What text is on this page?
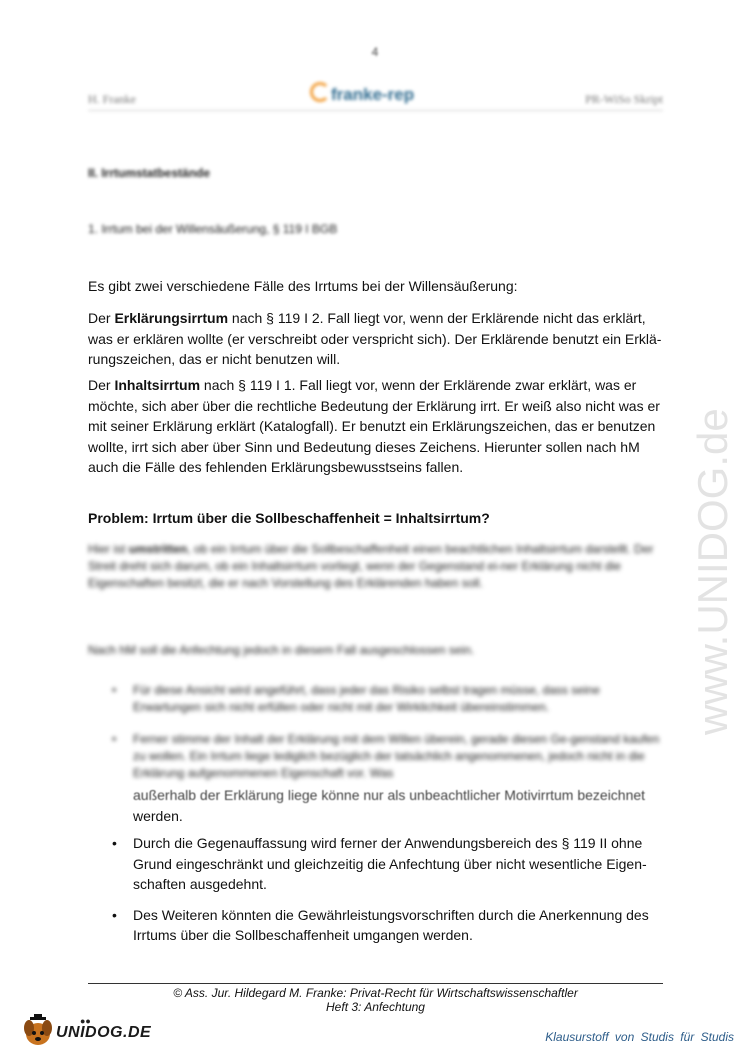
4
H. Franke	franke-rep	PR-WiSo Skript
II. Irrtumstatbestände
1. Irrtum bei der Willensäußerung, § 119 I BGB

Es gibt zwei verschiedene Fälle des Irrtums bei der Willensäußerung:

Der Erklärungsirrtum nach § 119 I 2. Fall liegt vor, wenn der Erklärende nicht das erklärt, was er erklären wollte (er verschreibt oder verspricht sich). Der Erklärende benutzt ein Erklä-rungszeichen, das er nicht benutzen will.

Der Inhaltsirrtum nach § 119 I 1. Fall liegt vor, wenn der Erklärende zwar erklärt, was er möchte, sich aber über die rechtliche Bedeutung der Erklärung irrt. Er weiß also nicht was er mit seiner Erklärung erklärt (Katalogfall). Er benutzt ein Erklärungszeichen, das er benutzen wollte, irrt sich aber über Sinn und Bedeutung dieses Zeichens. Hierunter sollen nach hM auch die Fälle des fehlenden Erklärungsbewusstseins fallen.

Problem: Irrtum über die Sollbeschaffenheit = Inhaltsirrtum?

Hier ist umstritten, ob ein Irrtum über die Sollbeschaffenheit einen beachtlichen Inhaltsirrtum darstellt. Der Streit dreht sich darum, ob ein Inhaltsirrtum vorliegt, wenn der Gegenstand ei-ner Erklärung nicht die Eigenschaften besitzt, die er nach Vorstellung des Erklärenden haben soll.

Nach hM soll die Anfechtung jedoch in diesem Fall ausgeschlossen sein.

• Für diese Ansicht wird angeführt, dass jeder das Risiko selbst tragen müsse, dass seine Erwartungen sich nicht erfüllen oder nicht mit der Wirklichkeit übereinstimmen.
• Ferner stimme der Inhalt der Erklärung mit dem Willen überein, gerade diesen Ge-genstand kaufen zu wollen. Ein Irrtum liege lediglich bezüglich der tatsächlich angenommenen, jedoch nicht in die Erklärung aufgenommenen Eigenschaft vor. Was

außerhalb der Erklärung liege könne nur als unbeachtlicher Motivirrtum bezeichnet
werden.

• Durch die Gegenauffassung wird ferner der Anwendungsbereich des § 119 II ohne Grund eingeschränkt und gleichzeitig die Anfechtung über nicht wesentliche Eigen-schaften ausgedehnt.
• Des Weiteren könnten die Gewährleistungsvorschriften durch die Anerkennung des Irrtums über die Sollbeschaffenheit umgangen werden.
© Ass. Jur. Hildegard M. Franke: Privat-Recht für Wirtschaftswissenschaftler
Heft 3: Anfechtung
●●
UNIDOG.DE	Klausurstoff von Studis für Studis
www.UNIDOG.de
